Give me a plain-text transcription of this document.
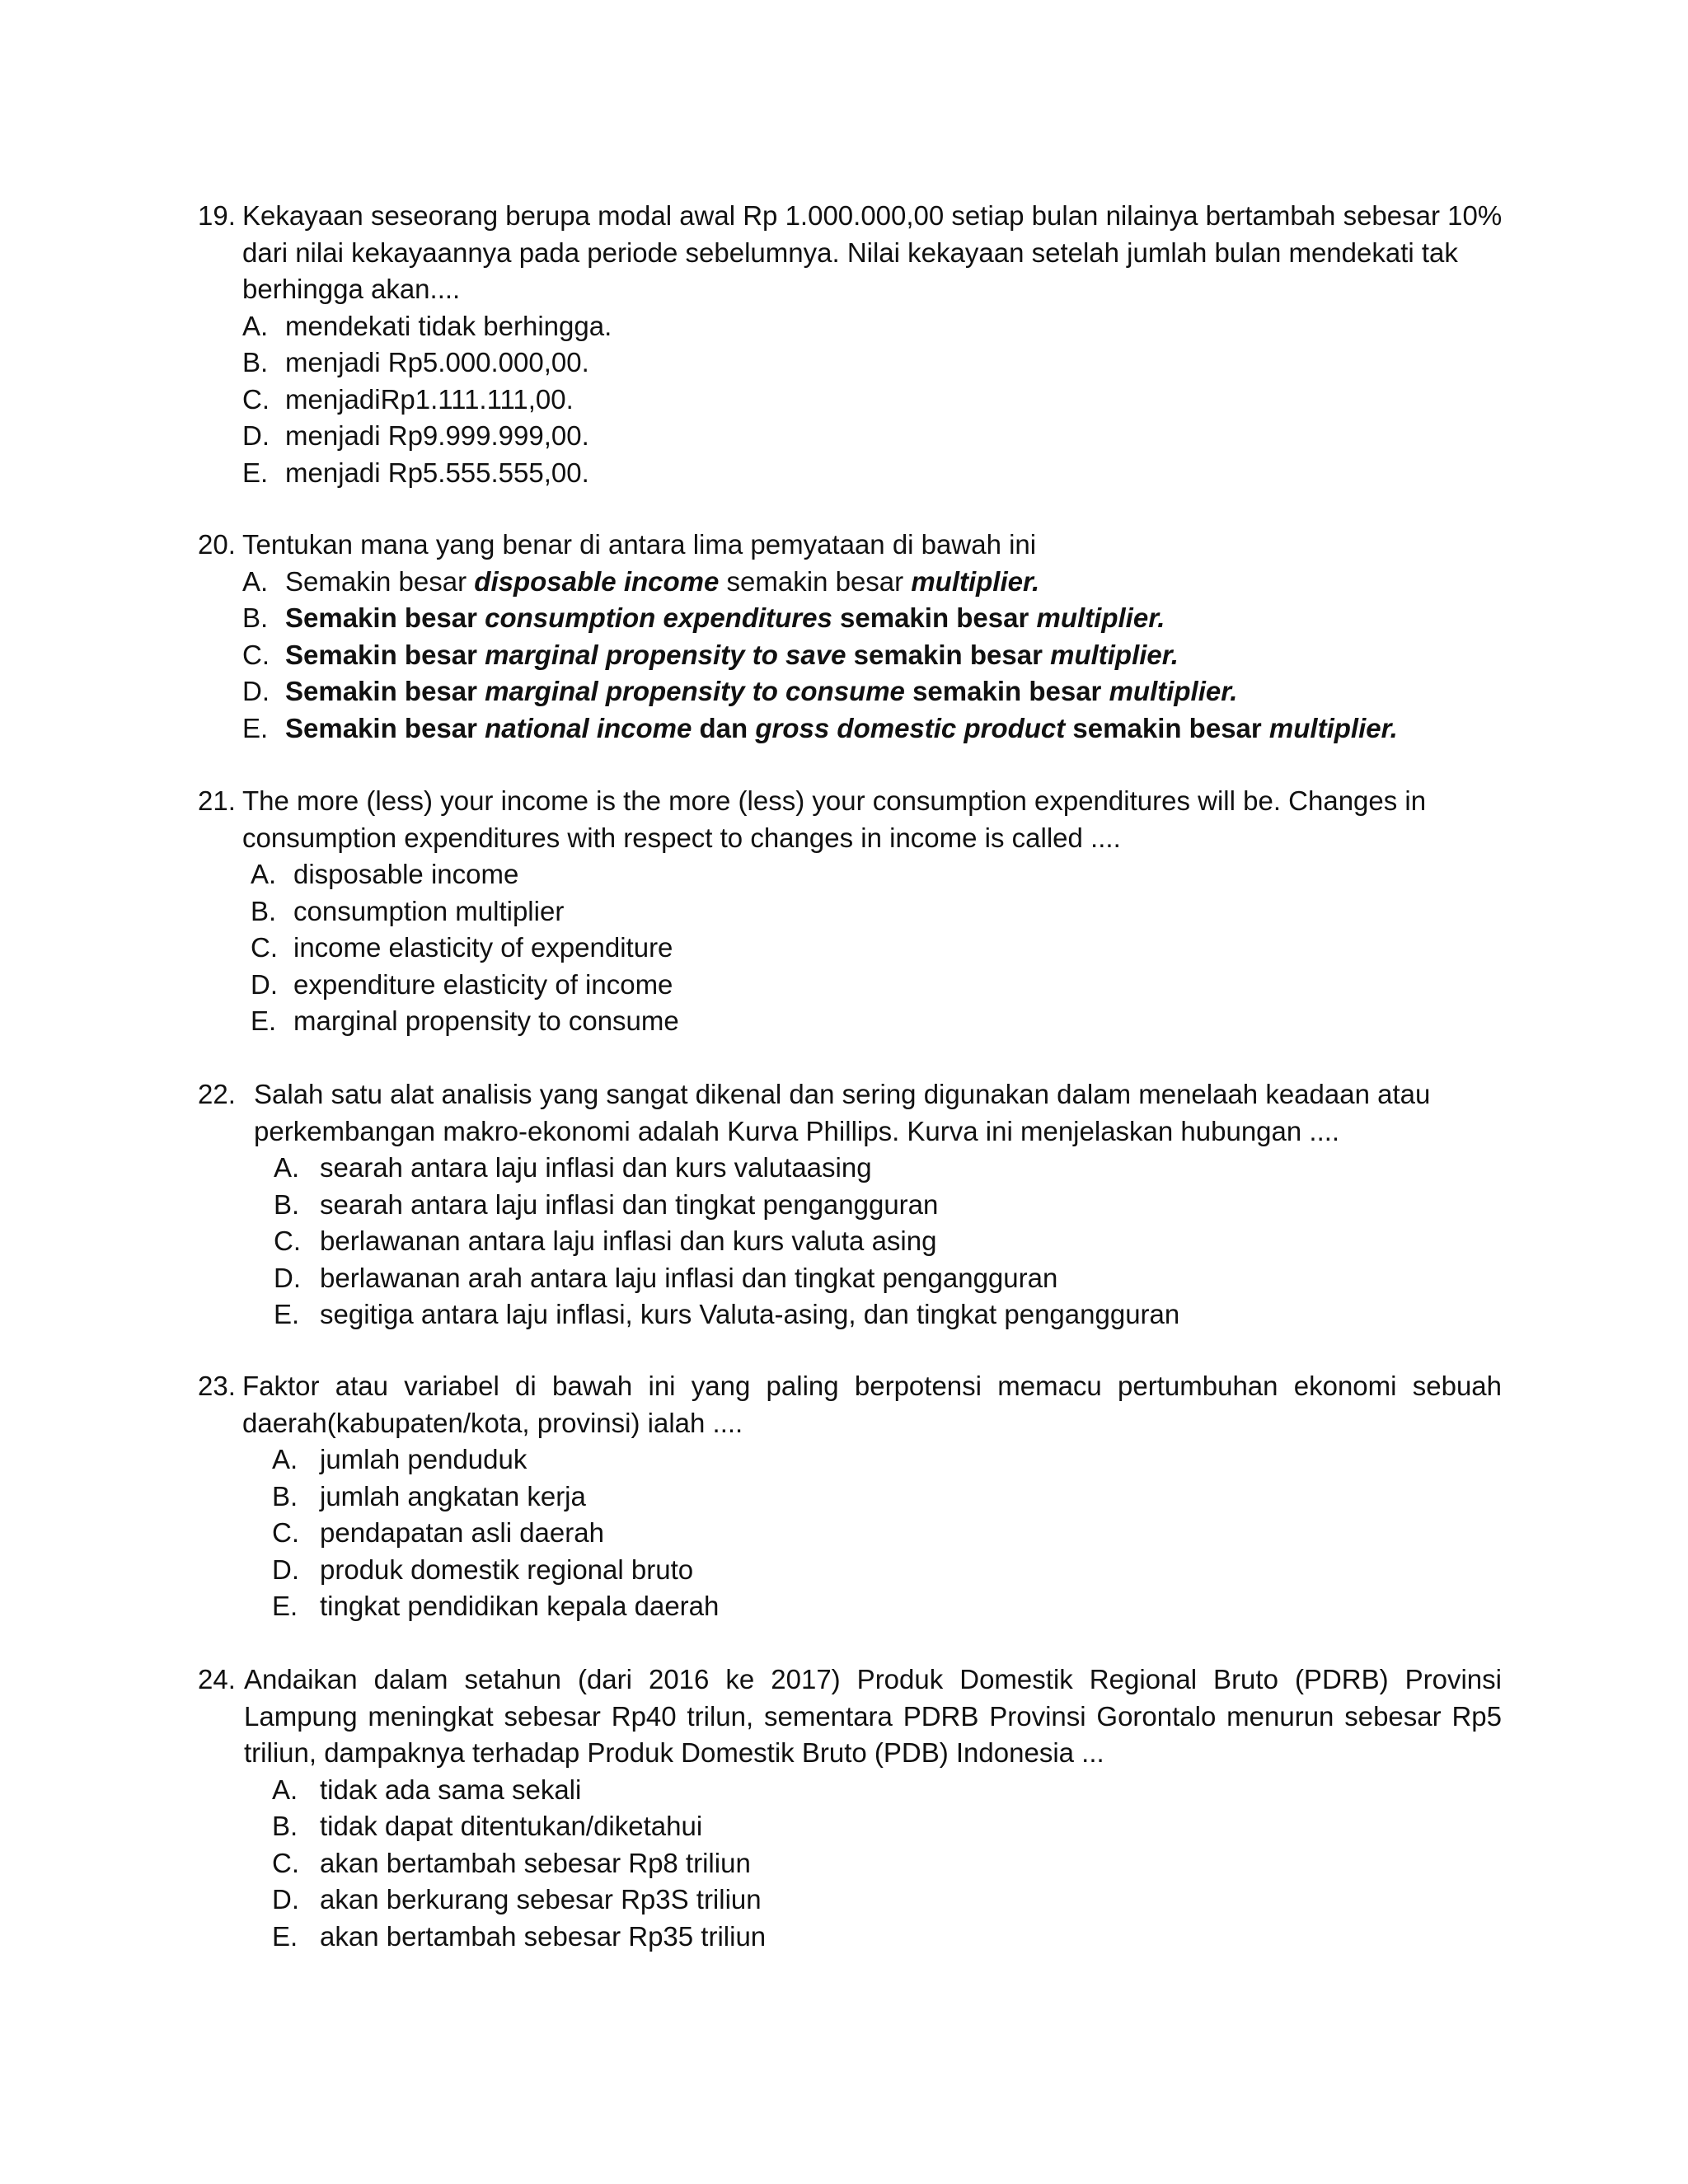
19. Kekayaan seseorang berupa modal awal Rp 1.000.000,00 setiap bulan nilainya bertambah sebesar 10% dari nilai kekayaannya pada periode sebelumnya. Nilai kekayaan setelah jumlah bulan mendekati tak berhingga akan....
A. mendekati tidak berhingga.
B. menjadi Rp5.000.000,00.
C. menjadiRp1.111.111,00.
D. menjadi Rp9.999.999,00.
E. menjadi Rp5.555.555,00.
20. Tentukan mana yang benar di antara lima pemyataan di bawah ini
A. Semakin besar disposable income semakin besar multiplier.
B. Semakin besar consumption expenditures semakin besar multiplier.
C. Semakin besar marginal propensity to save semakin besar multiplier.
D. Semakin besar marginal propensity to consume semakin besar multiplier.
E. Semakin besar national income dan gross domestic product semakin besar multiplier.
21. The more (less) your income is the more (less) your consumption expenditures will be. Changes in consumption expenditures with respect to changes in income is called ....
A. disposable income
B. consumption multiplier
C. income elasticity of expenditure
D. expenditure elasticity of income
E. marginal propensity to consume
22. Salah satu alat analisis yang sangat dikenal dan sering digunakan dalam menelaah keadaan atau perkembangan makro-ekonomi adalah Kurva Phillips. Kurva ini menjelaskan hubungan ....
A. searah antara laju inflasi dan kurs valutaasing
B. searah antara laju inflasi dan tingkat pengangguran
C. berlawanan antara laju inflasi dan kurs valuta asing
D. berlawanan arah antara laju inflasi dan tingkat pengangguran
E. segitiga antara laju inflasi, kurs Valuta-asing, dan tingkat pengangguran
23. Faktor atau variabel di bawah ini yang paling berpotensi memacu pertumbuhan ekonomi sebuah daerah(kabupaten/kota, provinsi) ialah ....
A. jumlah penduduk
B. jumlah angkatan kerja
C. pendapatan asli daerah
D. produk domestik regional bruto
E. tingkat pendidikan kepala daerah
24. Andaikan dalam setahun (dari 2016 ke 2017) Produk Domestik Regional Bruto (PDRB) Provinsi Lampung meningkat sebesar Rp40 trilun, sementara PDRB Provinsi Gorontalo menurun sebesar Rp5 triliun, dampaknya terhadap Produk Domestik Bruto (PDB) Indonesia ...
A. tidak ada sama sekali
B. tidak dapat ditentukan/diketahui
C. akan bertambah sebesar Rp8 triliun
D. akan berkurang sebesar Rp3S triliun
E. akan bertambah sebesar Rp35 triliun
